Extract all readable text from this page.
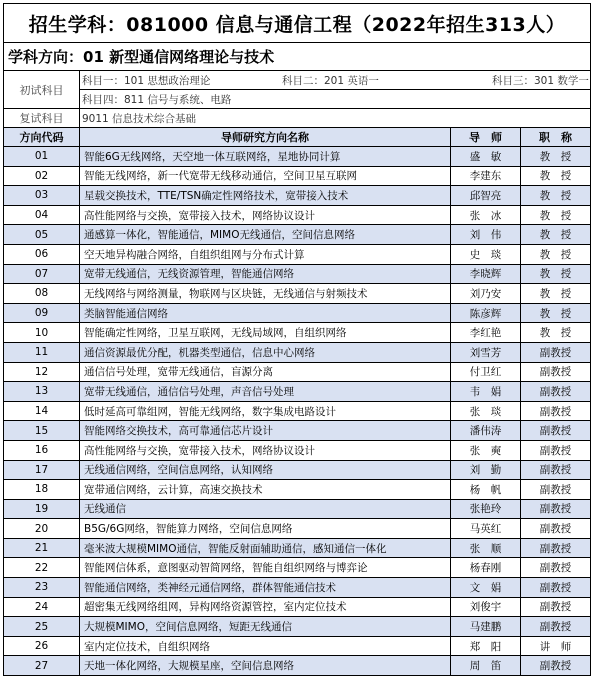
招生学科：081000 信息与通信工程（2022年招生313人）			
学科方向：01 新型通信网络理论与技术			
初试科目	科目一：101 思想政治理论 科目二：201 英语一 科目三：301 数学一		
	科目四：811 信号与系统、电路		
复试科目	9011 信息技术综合基础		
方向代码	导师研究方向名称	导　师	职　称
01	智能6G无线网络，天空地一体互联网络，星地协同计算	盛　敏	教　授
02	智能无线网络，新一代宽带无线移动通信，空间卫星互联网	李建东	教　授
03	星载交换技术，TTE/TSN确定性网络技术，宽带接入技术	邱智亮	教　授
04	高性能网络与交换，宽带接入技术，网络协议设计	张　冰	教　授
05	通感算一体化，智能通信，MIMO无线通信，空间信息网络	刘　伟	教　授
06	空天地异构融合网络，自组织组网与分布式计算	史　琰	教　授
07	宽带无线通信，无线资源管理，智能通信网络	李晓辉	教　授
08	无线网络与网络测量，物联网与区块链，无线通信与射频技术	刘乃安	教　授
09	类脑智能通信网络	陈彦辉	教　授
10	智能确定性网络，卫星互联网，无线局域网，自组织网络	李红艳	教　授
11	通信资源最优分配，机器类型通信，信息中心网络	刘雪芳	副教授
12	通信信号处理，宽带无线通信，盲源分离	付卫红	副教授
13	宽带无线通信，通信信号处理，声音信号处理	韦　娟	副教授
14	低时延高可靠组网，智能无线网络，数字集成电路设计	张　琰	副教授
15	智能网络交换技术，高可靠通信芯片设计	潘伟涛	副教授
16	高性能网络与交换，宽带接入技术，网络协议设计	张　奭	副教授
17	无线通信网络，空间信息网络，认知网络	刘　勤	副教授
18	宽带通信网络，云计算，高速交换技术	杨　帆	副教授
19	无线通信	张艳玲	副教授
20	B5G/6G网络，智能算力网络，空间信息网络	马英红	副教授
21	毫米波大规模MIMO通信，智能反射面辅助通信，感知通信一体化	张　顺	副教授
22	智能网信体系，意图驱动智简网络，智能自组织网络与博弈论	杨春刚	副教授
23	智能通信网络，类神经元通信网络，群体智能通信技术	文　娟	副教授
24	超密集无线网络组网，异构网络资源管控，室内定位技术	刘俊宇	副教授
25	大规模MIMO，空间信息网络，短距无线通信	马建鹏	副教授
26	室内定位技术，自组织网络	郑　阳	讲　师
27	天地一体化网络，大规模星座，空间信息网络	周　笛	副教授
